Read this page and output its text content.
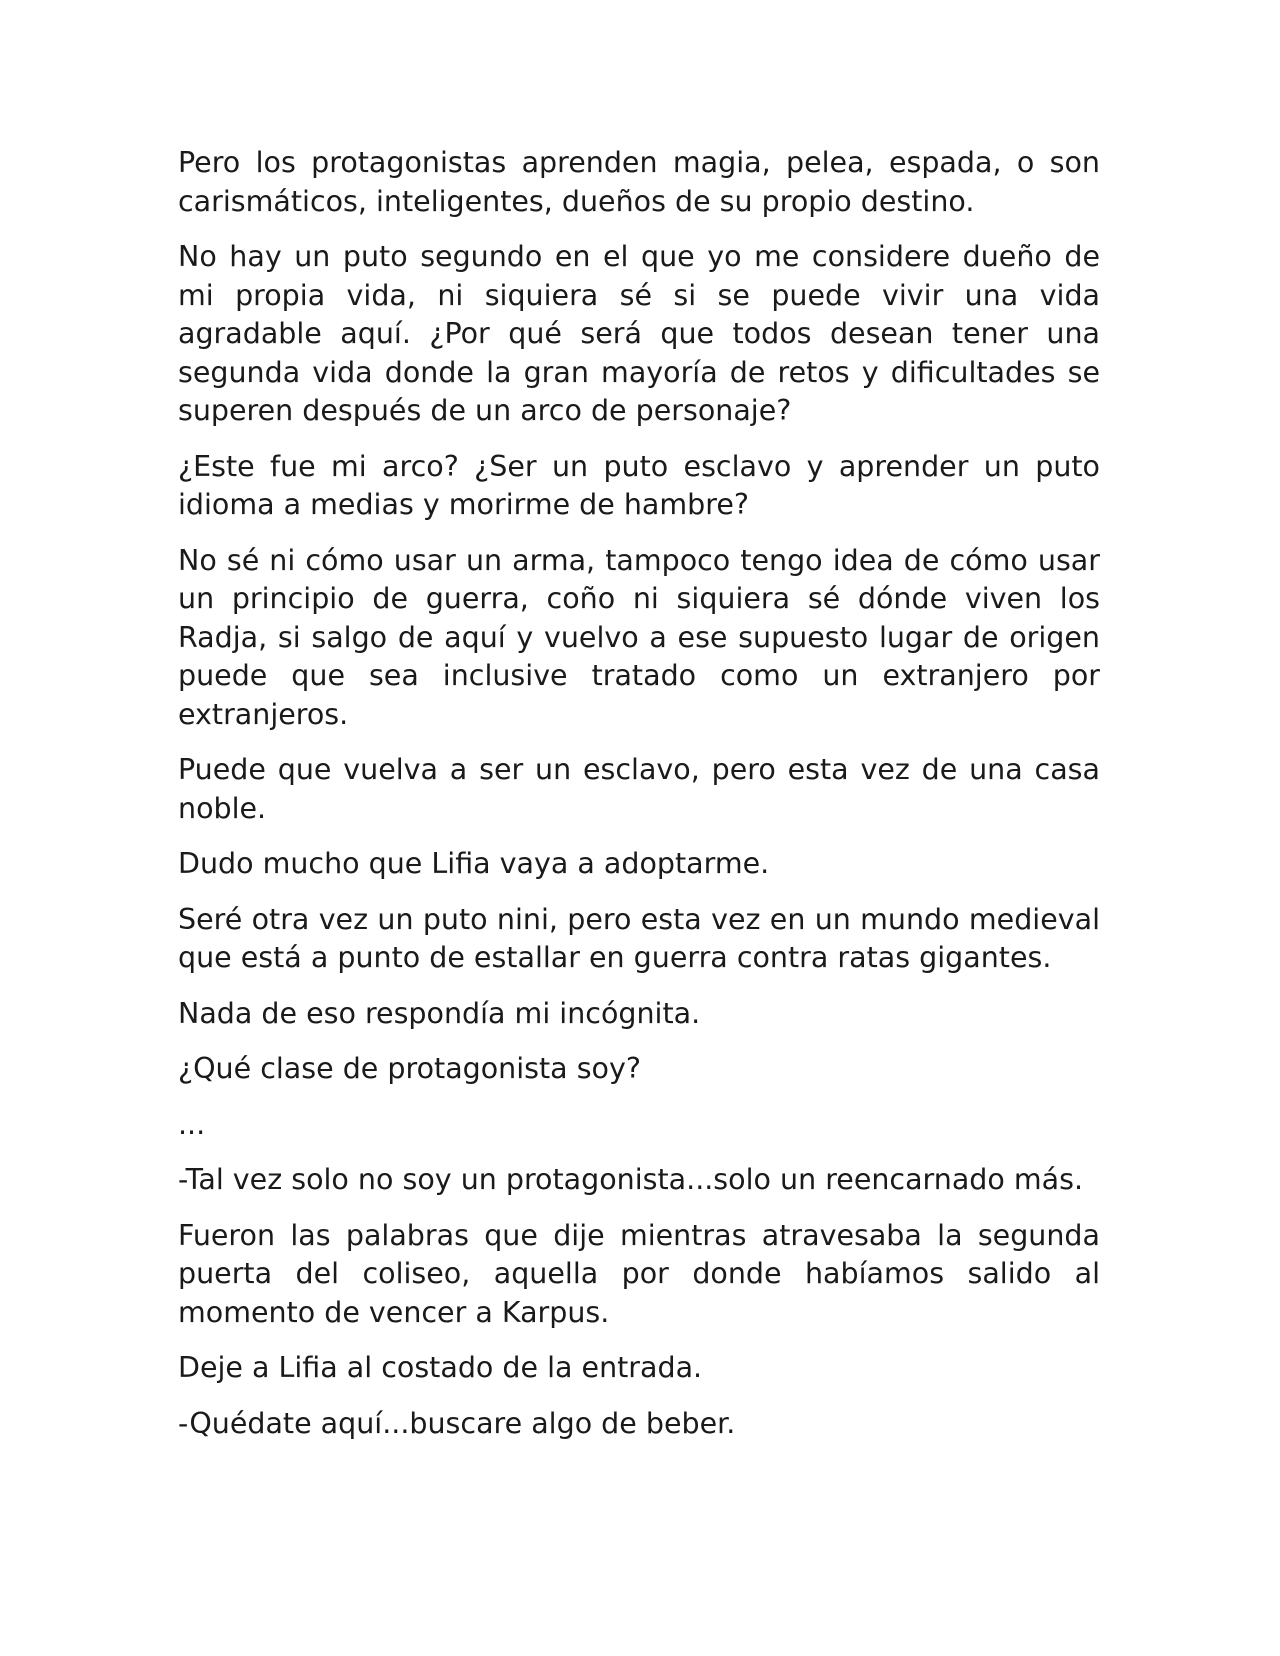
Pero los protagonistas aprenden magia, pelea, espada, o son carismáticos, inteligentes, dueños de su propio destino.

No hay un puto segundo en el que yo me considere dueño de mi propia vida, ni siquiera sé si se puede vivir una vida agradable aquí. ¿Por qué será que todos desean tener una segunda vida donde la gran mayoría de retos y dificultades se superen después de un arco de personaje?

¿Este fue mi arco? ¿Ser un puto esclavo y aprender un puto idioma a medias y morirme de hambre?

No sé ni cómo usar un arma, tampoco tengo idea de cómo usar un principio de guerra, coño ni siquiera sé dónde viven los Radja, si salgo de aquí y vuelvo a ese supuesto lugar de origen puede que sea inclusive tratado como un extranjero por extranjeros.

Puede que vuelva a ser un esclavo, pero esta vez de una casa noble.

Dudo mucho que Lifia vaya a adoptarme.

Seré otra vez un puto nini, pero esta vez en un mundo medieval que está a punto de estallar en guerra contra ratas gigantes.

Nada de eso respondía mi incógnita.

¿Qué clase de protagonista soy?

...

-Tal vez solo no soy un protagonista...solo un reencarnado más.

Fueron las palabras que dije mientras atravesaba la segunda puerta del coliseo, aquella por donde habíamos salido al momento de vencer a Karpus.

Deje a Lifia al costado de la entrada.

-Quédate aquí...buscare algo de beber.
